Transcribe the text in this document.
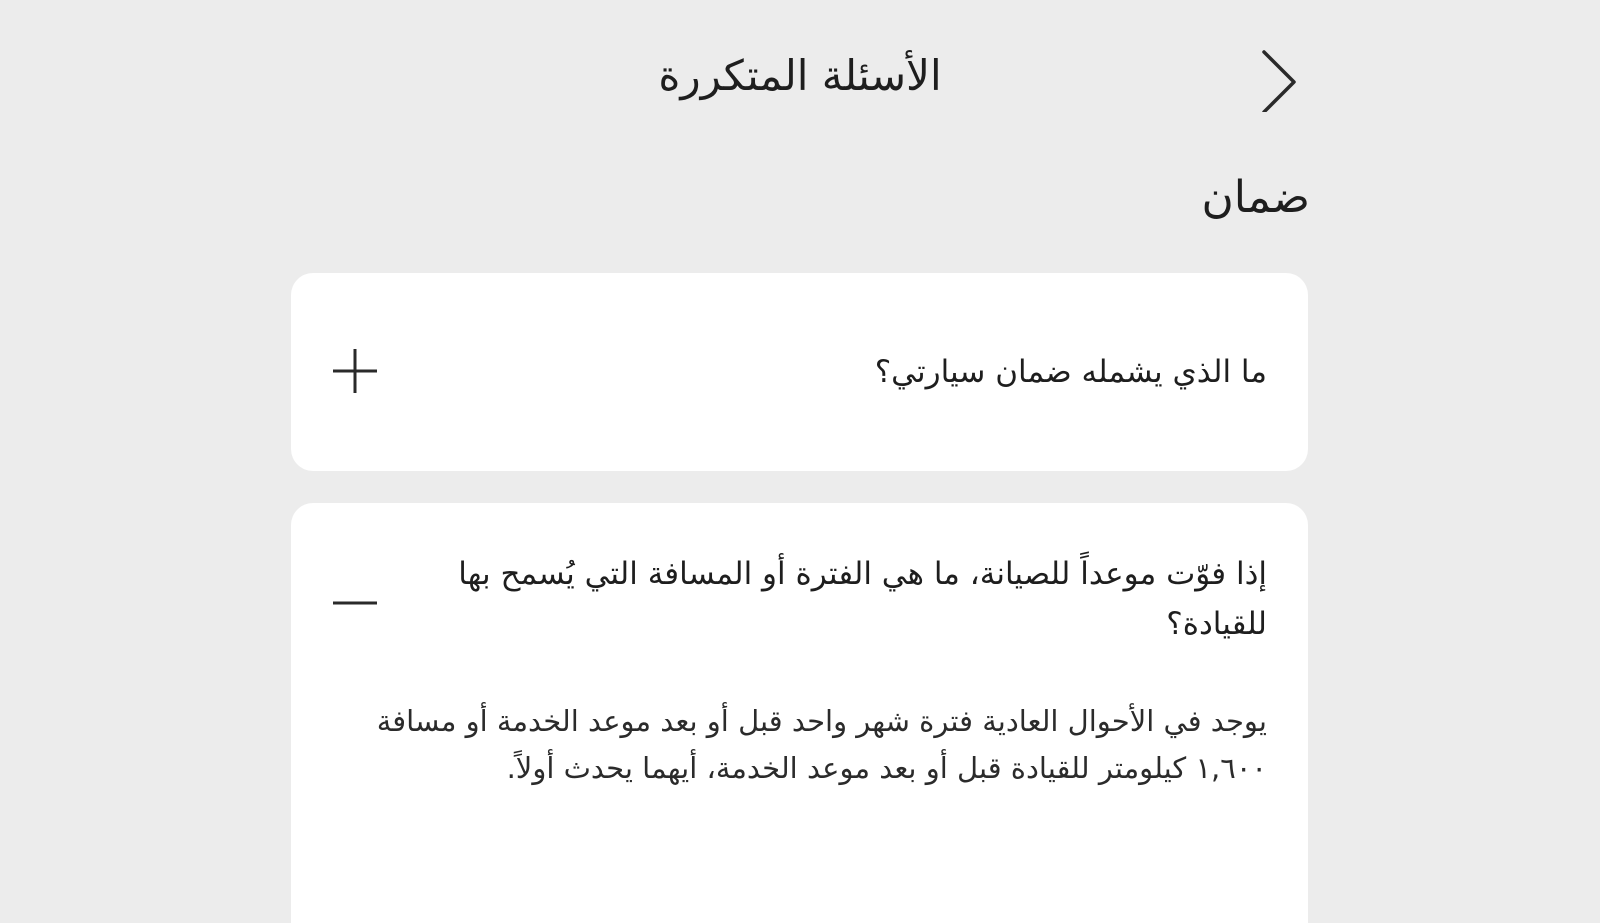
الأسئلة المتكررة
ضمان
ما الذي يشمله ضمان سيارتي؟
إذا فوّت موعداً للصيانة، ما هي الفترة أو المسافة التي يُسمح بها للقيادة؟
يوجد في الأحوال العادية فترة شهر واحد قبل أو بعد موعد الخدمة أو مسافة ١,٦٠٠ كيلومتر للقيادة قبل أو بعد موعد الخدمة، أيهما يحدث أولاً.
